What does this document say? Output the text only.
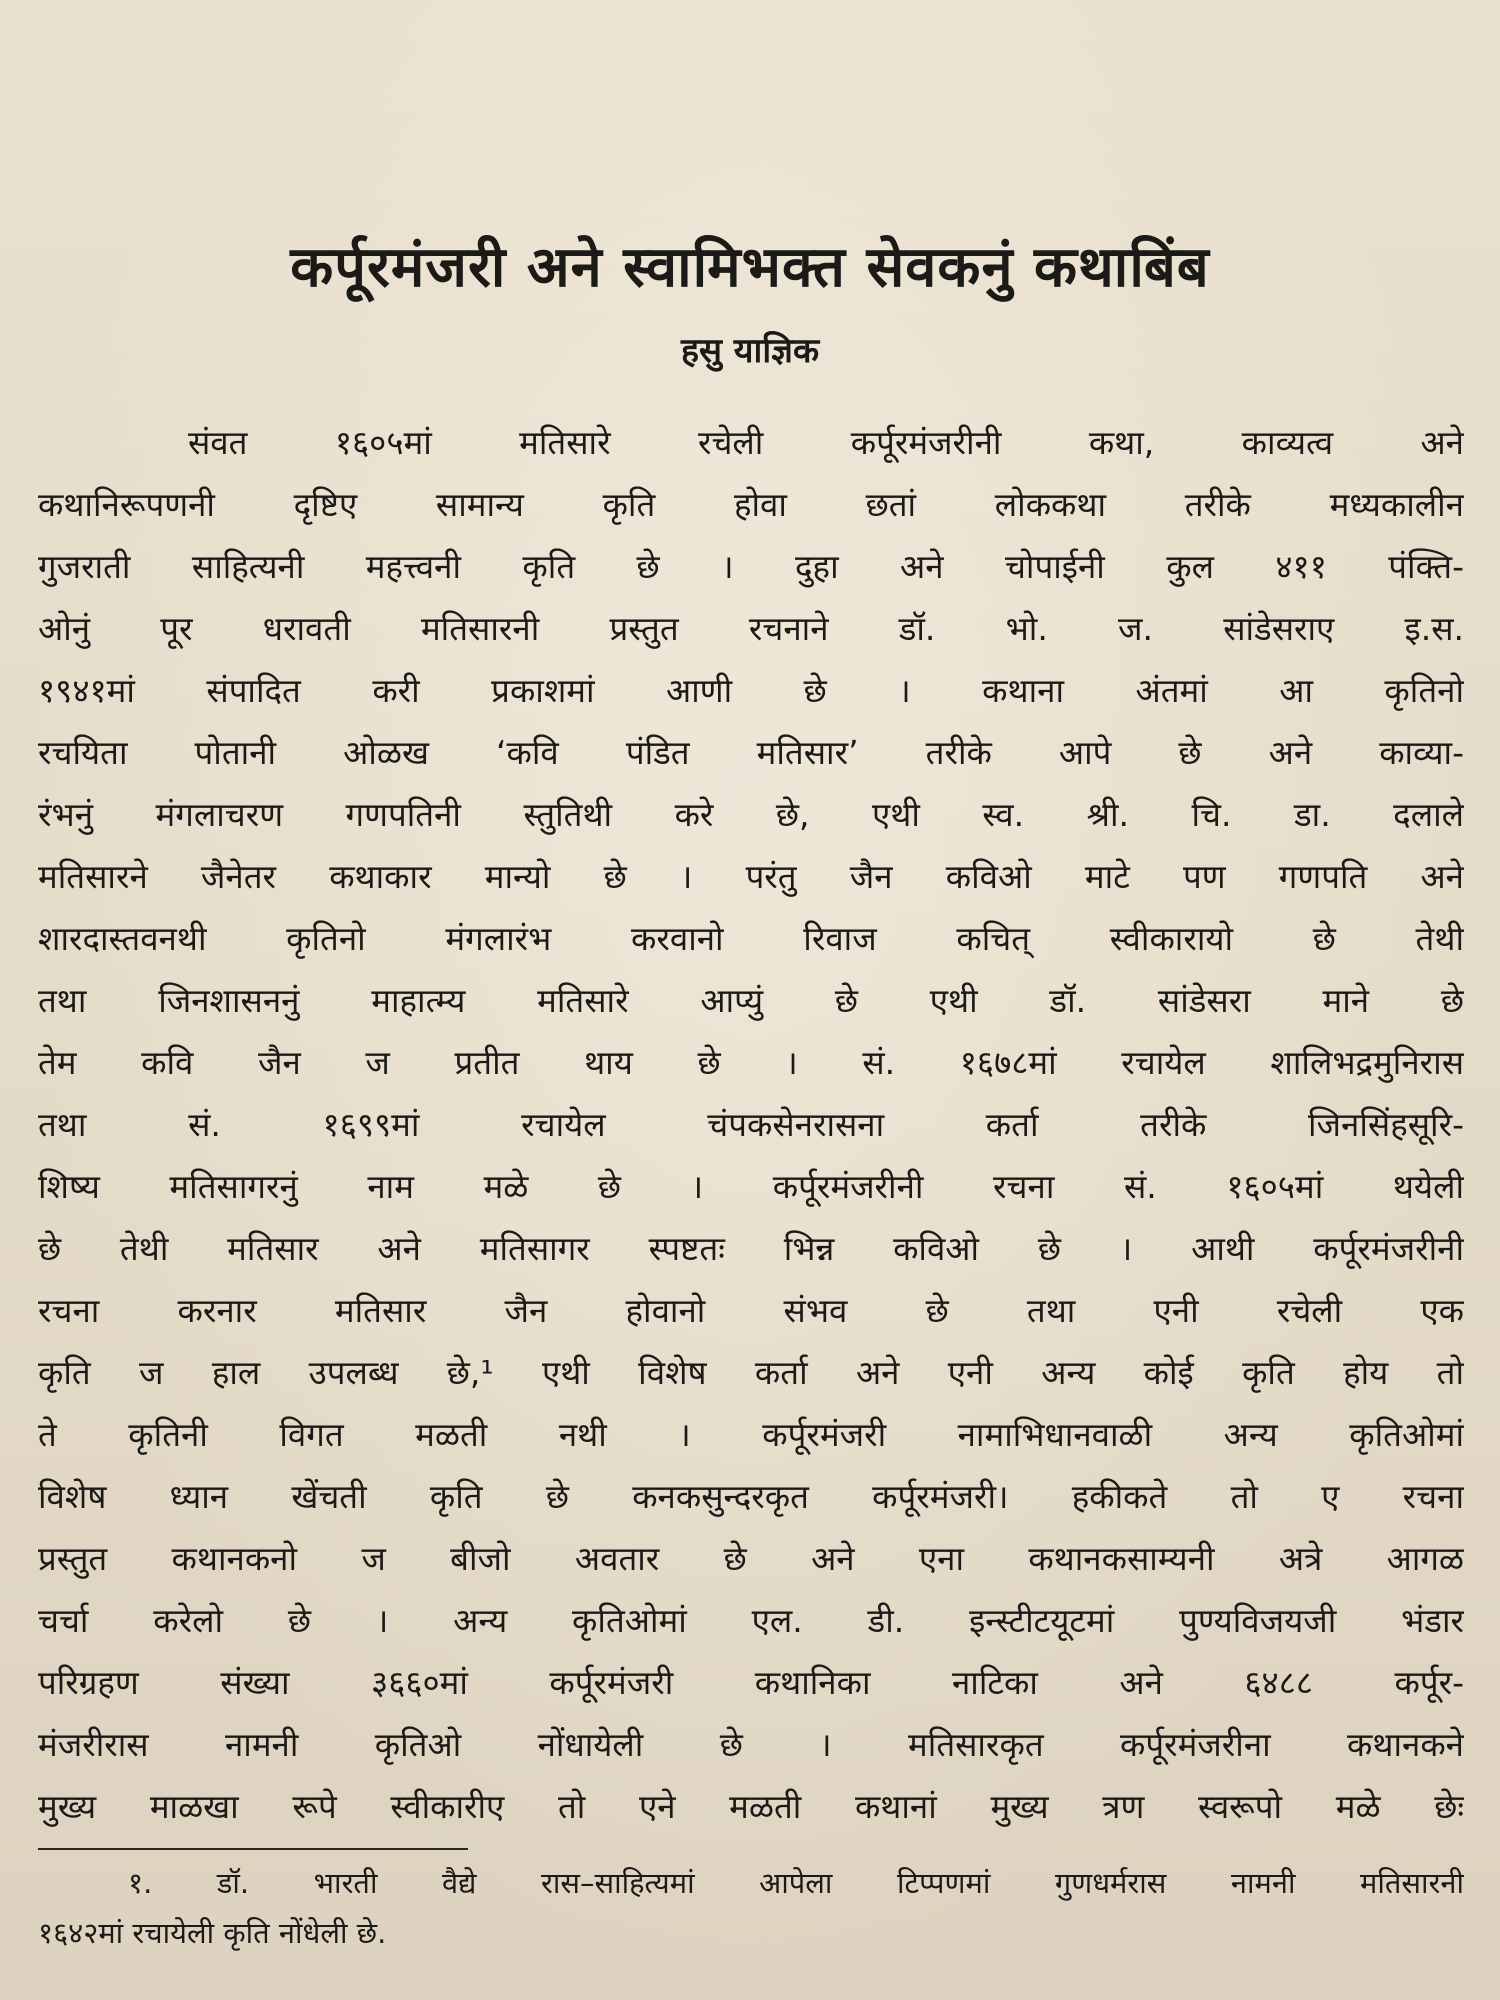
कर्पूरमंजरी अने स्वामिभक्त सेवकनुं कथाबिंब
हसु याज्ञिक
संवत १६०५मां मतिसारे रचेली कर्पूरमंजरीनी कथा, काव्यत्व अने
कथानिरूपणनी दृष्टिए सामान्य कृति होवा छतां लोककथा तरीके मध्यकालीन
गुजराती साहित्यनी महत्त्वनी कृति छे । दुहा अने चोपाईनी कुल ४११ पंक्ति-
ओनुं पूर धरावती मतिसारनी प्रस्तुत रचनाने डॉ. भो. ज. सांडेसराए इ.स.
१९४१मां संपादित करी प्रकाशमां आणी छे । कथाना अंतमां आ कृतिनो
रचयिता पोतानी ओळख ‘कवि पंडित मतिसार’ तरीके आपे छे अने काव्या-
रंभनुं मंगलाचरण गणपतिनी स्तुतिथी करे छे, एथी स्व. श्री. चि. डा. दलाले
मतिसारने जैनेतर कथाकार मान्यो छे । परंतु जैन कविओ माटे पण गणपति अने
शारदास्तवनथी कृतिनो मंगलारंभ करवानो रिवाज कचित् स्वीकारायो छे तेथी
तथा जिनशासननुं माहात्म्य मतिसारे आप्युं छे एथी डॉ. सांडेसरा माने छे
तेम कवि जैन ज प्रतीत थाय छे । सं. १६७८मां रचायेल शालिभद्रमुनिरास
तथा सं. १६९९मां रचायेल चंपकसेनरासना कर्ता तरीके जिनसिंहसूरि-
शिष्य मतिसागरनुं नाम मळे छे । कर्पूरमंजरीनी रचना सं. १६०५मां थयेली
छे तेथी मतिसार अने मतिसागर स्पष्टतः भिन्न कविओ छे । आथी कर्पूरमंजरीनी
रचना करनार मतिसार जैन होवानो संभव छे तथा एनी रचेली एक
कृति ज हाल उपलब्ध छे,¹ एथी विशेष कर्ता अने एनी अन्य कोई कृति होय तो
ते कृतिनी विगत मळती नथी । कर्पूरमंजरी नामाभिधानवाळी अन्य कृतिओमां
विशेष ध्यान खेंचती कृति छे कनकसुन्दरकृत कर्पूरमंजरी। हकीकते तो ए रचना
प्रस्तुत कथानकनो ज बीजो अवतार छे अने एना कथानकसाम्यनी अत्रे आगळ
चर्चा करेलो छे । अन्य कृतिओमां एल. डी. इन्स्टीटयूटमां पुण्यविजयजी भंडार
परिग्रहण संख्या ३६६०मां कर्पूरमंजरी कथानिका नाटिका अने ६४८८ कर्पूर-
मंजरीरास नामनी कृतिओ नोंधायेली छे । मतिसारकृत कर्पूरमंजरीना कथानकने
मुख्य माळखा रूपे स्वीकारीए तो एने मळती कथानां मुख्य त्रण स्वरूपो मळे छेः
१. डॉ. भारती वैद्ये रास–साहित्यमां आपेला टिप्पणमां गुणधर्मरास नामनी मतिसारनी
१६४२मां रचायेली कृति नोंधेली छे.
